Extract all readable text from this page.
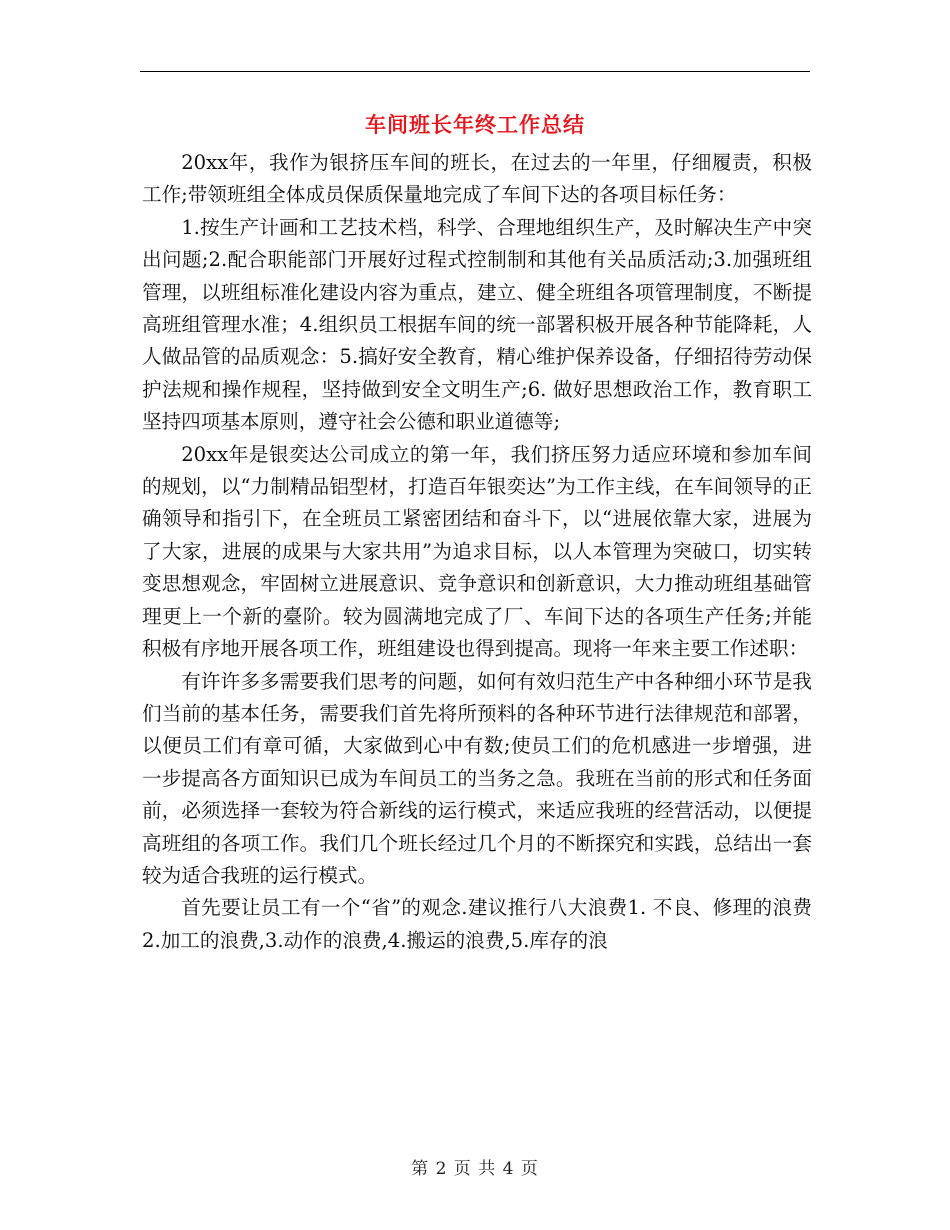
车间班长年终工作总结

20xx年，我作为银挤压车间的班长，在过去的一年里，仔细履责，积极工作;带领班组全体成员保质保量地完成了车间下达的各项目标任务：

1.按生产计画和工艺技术档，科学、合理地组织生产，及时解决生产中突出问题;2.配合职能部门开展好过程式控制制和其他有关品质活动;3.加强班组管理，以班组标准化建设内容为重点，建立、健全班组各项管理制度，不断提高班组管理水准；4.组织员工根据车间的统一部署积极开展各种节能降耗，人人做品管的品质观念：5.搞好安全教育，精心维护保养设备，仔细招待劳动保护法规和操作规程，坚持做到安全文明生产;6. 做好思想政治工作，教育职工坚持四项基本原则，遵守社会公德和职业道德等;

20xx年是银奕达公司成立的第一年，我们挤压努力适应环境和参加车间的规划，以“力制精品铝型材，打造百年银奕达”为工作主线，在车间领导的正确领导和指引下，在全班员工紧密团结和奋斗下，以“进展依靠大家，进展为了大家，进展的成果与大家共用”为追求目标，以人本管理为突破口，切实转变思想观念，牢固树立进展意识、竞争意识和创新意识，大力推动班组基础管理更上一个新的臺阶。较为圆满地完成了厂、车间下达的各项生产任务;并能积极有序地开展各项工作，班组建设也得到提高。现将一年来主要工作述职：

有许许多多需要我们思考的问题，如何有效归范生产中各种细小环节是我们当前的基本任务，需要我们首先将所预料的各种环节进行法律规范和部署，以便员工们有章可循，大家做到心中有数;使员工们的危机感进一步增强，进一步提高各方面知识已成为车间员工的当务之急。我班在当前的形式和任务面前，必须选择一套较为符合新线的运行模式，来适应我班的经营活动，以便提高班组的各项工作。我们几个班长经过几个月的不断探究和实践，总结出一套较为适合我班的运行模式。

首先要让员工有一个“省”的观念.建议推行八大浪费1. 不良、修理的浪费 2.加工的浪费,3.动作的浪费,4.搬运的浪费,5.库存的浪

第 2 页 共 4 页
